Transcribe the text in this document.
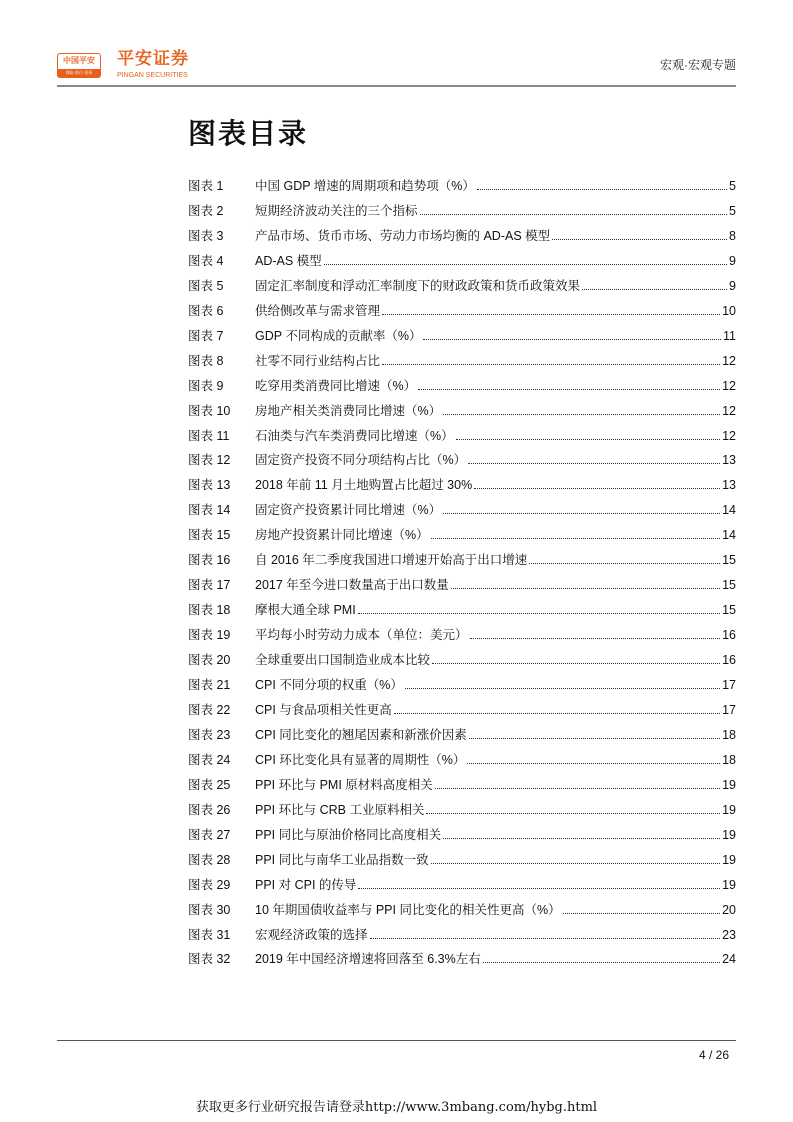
中国平安
保险·银行·投资
平安证券
PINGAN SECURITIES
宏观·宏观专题
图表目录
图表 1	中国 GDP 增速的周期项和趋势项（%）	5
图表 2	短期经济波动关注的三个指标	5
图表 3	产品市场、货币市场、劳动力市场均衡的 AD-AS 模型	8
图表 4	AD-AS 模型	9
图表 5	固定汇率制度和浮动汇率制度下的财政政策和货币政策效果	9
图表 6	供给侧改革与需求管理	10
图表 7	GDP 不同构成的贡献率（%）	11
图表 8	社零不同行业结构占比	12
图表 9	吃穿用类消费同比增速（%）	12
图表 10	房地产相关类消费同比增速（%）	12
图表 11	石油类与汽车类消费同比增速（%）	12
图表 12	固定资产投资不同分项结构占比（%）	13
图表 13	2018 年前 11 月土地购置占比超过 30%	13
图表 14	固定资产投资累计同比增速（%）	14
图表 15	房地产投资累计同比增速（%）	14
图表 16	自 2016 年二季度我国进口增速开始高于出口增速	15
图表 17	2017 年至今进口数量高于出口数量	15
图表 18	摩根大通全球 PMI	15
图表 19	平均每小时劳动力成本（单位：美元）	16
图表 20	全球重要出口国制造业成本比较	16
图表 21	CPI 不同分项的权重（%）	17
图表 22	CPI 与食品项相关性更高	17
图表 23	CPI 同比变化的翘尾因素和新涨价因素	18
图表 24	CPI 环比变化具有显著的周期性（%）	18
图表 25	PPI 环比与 PMI 原材料高度相关	19
图表 26	PPI 环比与 CRB 工业原料相关	19
图表 27	PPI 同比与原油价格同比高度相关	19
图表 28	PPI 同比与南华工业品指数一致	19
图表 29	PPI 对 CPI 的传导	19
图表 30	10 年期国债收益率与 PPI 同比变化的相关性更高（%）	20
图表 31	宏观经济政策的选择	23
图表 32	2019 年中国经济增速将回落至 6.3%左右	24
4 / 26
获取更多行业研究报告请登录http://www.3mbang.com/hybg.html
